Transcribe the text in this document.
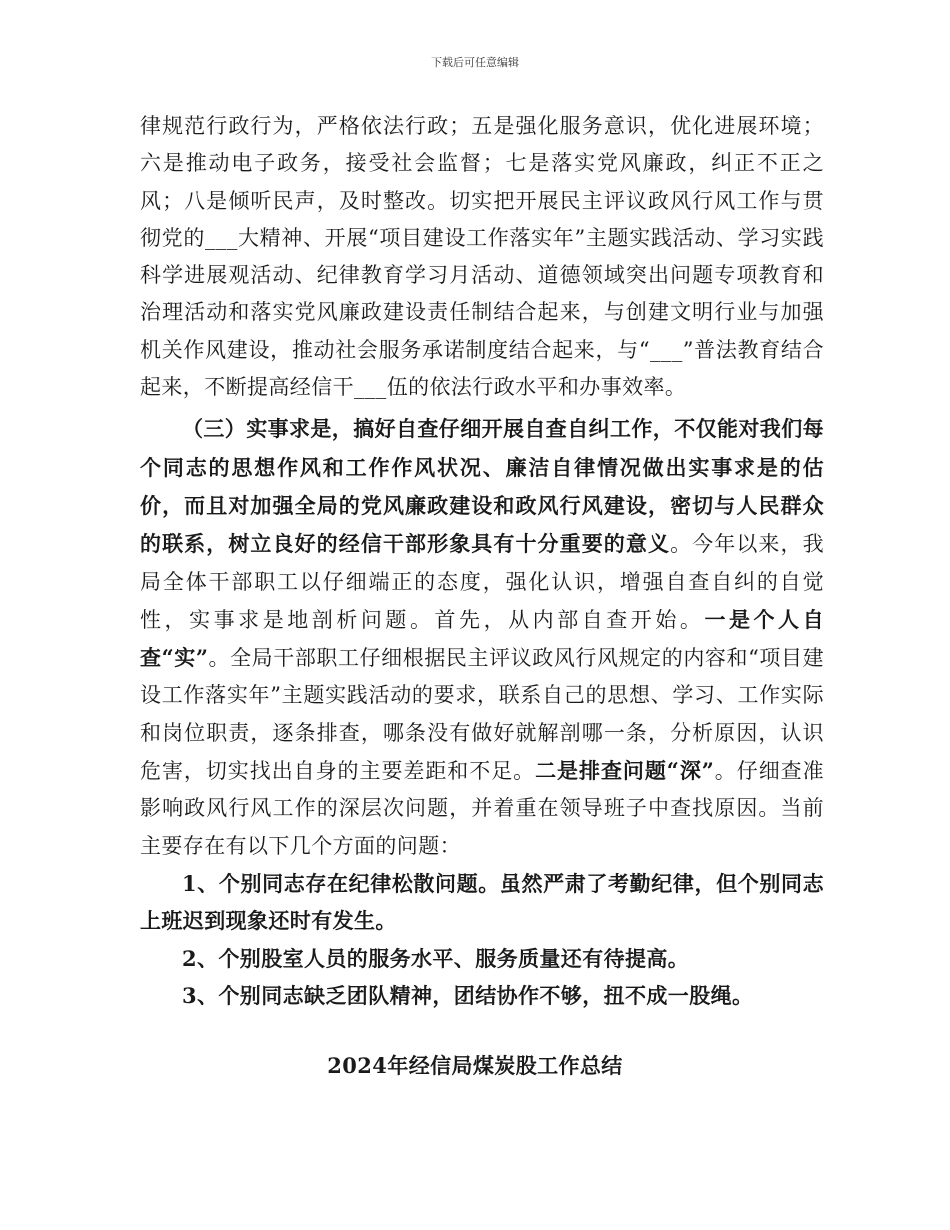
下载后可任意编辑

律规范行政行为，严格依法行政；五是强化服务意识，优化进展环境；六是推动电子政务，接受社会监督；七是落实党风廉政，纠正不正之风；八是倾听民声，及时整改。切实把开展民主评议政风行风工作与贯彻党的___大精神、开展“项目建设工作落实年”主题实践活动、学习实践科学进展观活动、纪律教育学习月活动、道德领域突出问题专项教育和治理活动和落实党风廉政建设责任制结合起来，与创建文明行业与加强机关作风建设，推动社会服务承诺制度结合起来，与“___”普法教育结合起来，不断提高经信干___伍的依法行政水平和办事效率。

（三）实事求是，搞好自查仔细开展自查自纠工作，不仅能对我们每个同志的思想作风和工作作风状况、廉洁自律情况做出实事求是的估价，而且对加强全局的党风廉政建设和政风行风建设，密切与人民群众的联系，树立良好的经信干部形象具有十分重要的意义。今年以来，我局全体干部职工以仔细端正的态度，强化认识，增强自查自纠的自觉性，实事求是地剖析问题。首先，从内部自查开始。一是个人自查“实”。全局干部职工仔细根据民主评议政风行风规定的内容和“项目建设工作落实年”主题实践活动的要求，联系自己的思想、学习、工作实际和岗位职责，逐条排查，哪条没有做好就解剖哪一条，分析原因，认识危害，切实找出自身的主要差距和不足。二是排查问题“深”。仔细查准影响政风行风工作的深层次问题，并着重在领导班子中查找原因。当前主要存在有以下几个方面的问题：

1、个别同志存在纪律松散问题。虽然严肃了考勤纪律，但个别同志上班迟到现象还时有发生。

2、个别股室人员的服务水平、服务质量还有待提高。

3、个别同志缺乏团队精神，团结协作不够，扭不成一股绳。

2024年经信局煤炭股工作总结
